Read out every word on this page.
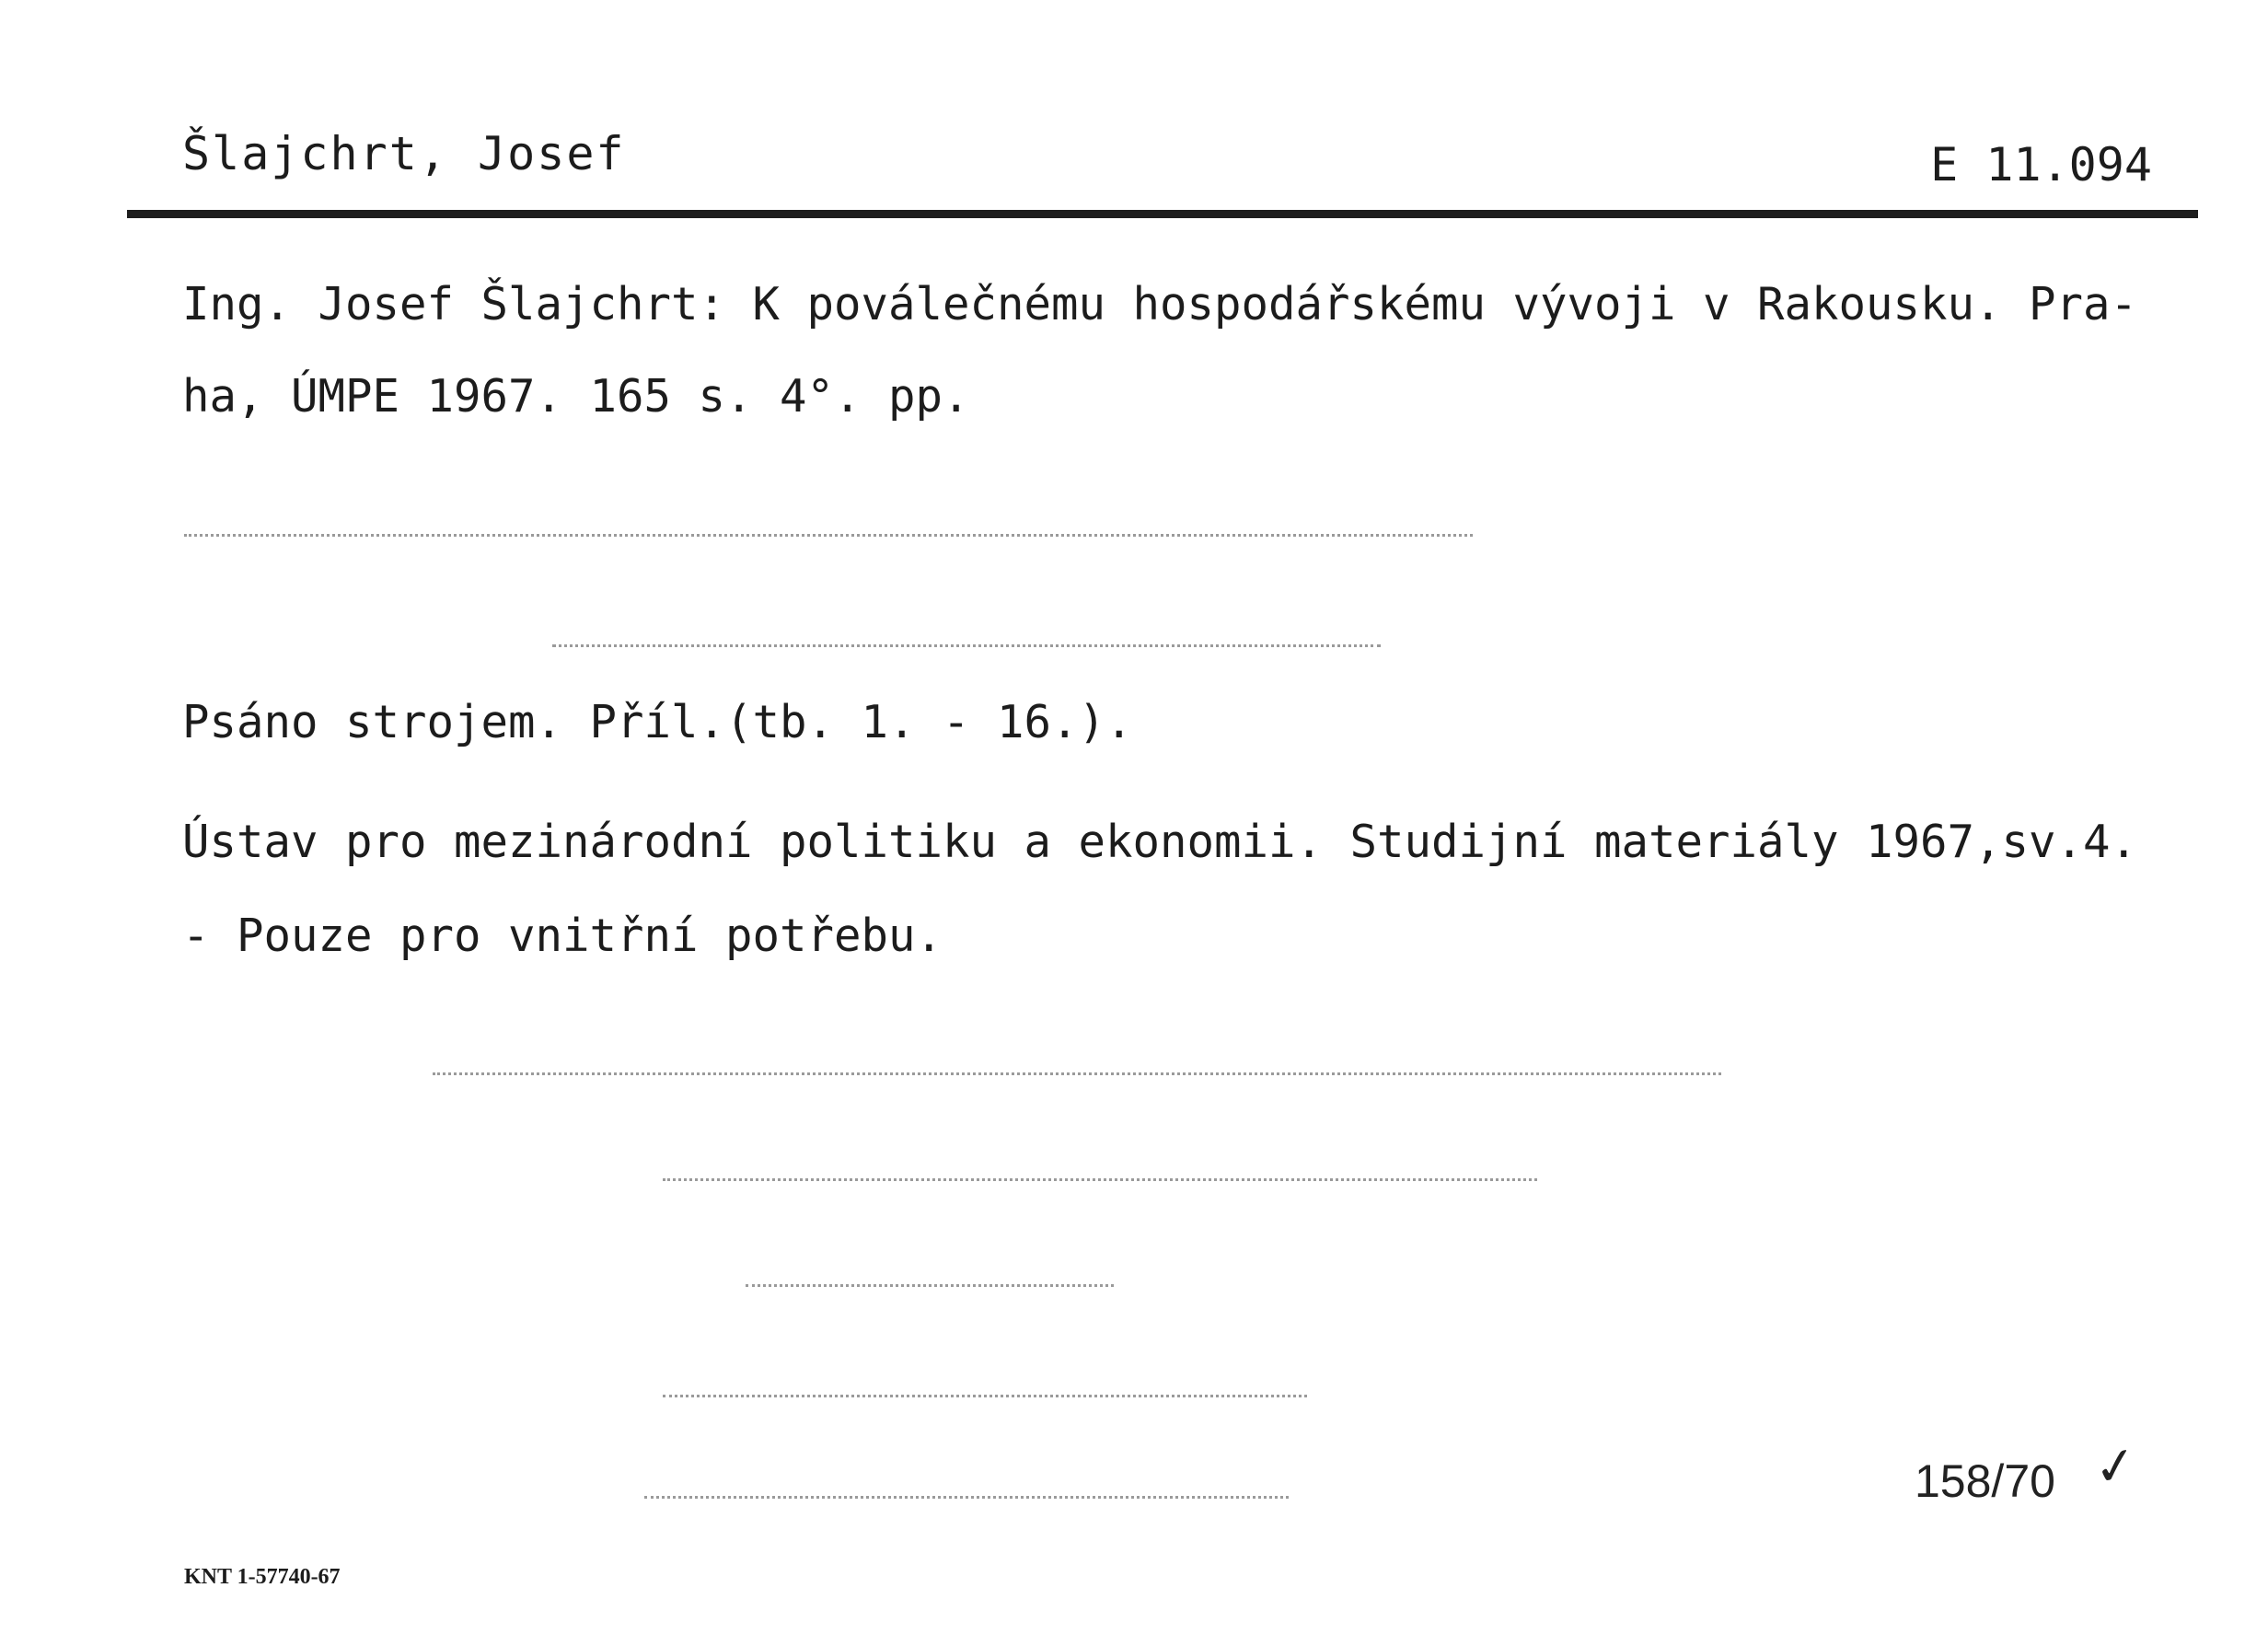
Šlajchrt, Josef	E 11.094
Ing. Josef Šlajchrt: K poválečnému hospodářskému vývoji v Rakousku. Pra-
ha, ÚMPE 1967. 165 s. 4°. pp.
Psáno strojem. Příl.(tb. 1. - 16.).
Ústav pro mezinárodní politiku a ekonomii. Studijní materiály 1967,sv.4.
- Pouze pro vnitřní potřebu.
158/70 ✓
KNT 1-57740-67
